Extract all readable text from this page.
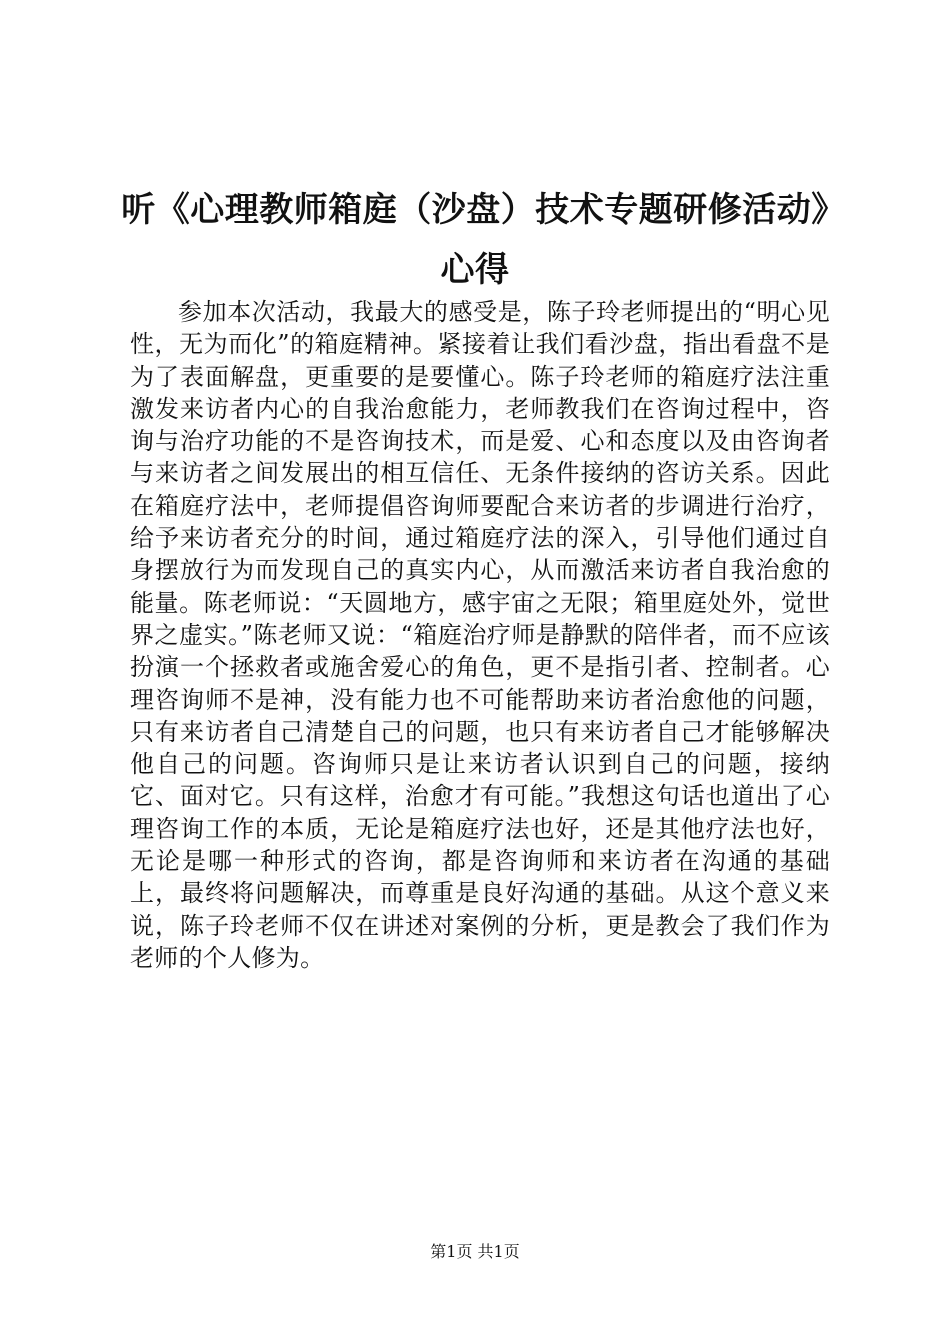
听《心理教师箱庭（沙盘）技术专题研修活动》心得

参加本次活动，我最大的感受是，陈子玲老师提出的“明心见性，无为而化”的箱庭精神。紧接着让我们看沙盘，指出看盘不是为了表面解盘，更重要的是要懂心。陈子玲老师的箱庭疗法注重激发来访者内心的自我治愈能力，老师教我们在咨询过程中，咨询与治疗功能的不是咨询技术，而是爱、心和态度以及由咨询者与来访者之间发展出的相互信任、无条件接纳的咨访关系。因此在箱庭疗法中，老师提倡咨询师要配合来访者的步调进行治疗，给予来访者充分的时间，通过箱庭疗法的深入，引导他们通过自身摆放行为而发现自己的真实内心，从而激活来访者自我治愈的能量。陈老师说：“天圆地方，感宇宙之无限；箱里庭处外，觉世界之虚实。”陈老师又说：“箱庭治疗师是静默的陪伴者，而不应该扮演一个拯救者或施舍爱心的角色，更不是指引者、控制者。心理咨询师不是神，没有能力也不可能帮助来访者治愈他的问题，只有来访者自己清楚自己的问题，也只有来访者自己才能够解决他自己的问题。咨询师只是让来访者认识到自己的问题，接纳它、面对它。只有这样，治愈才有可能。”我想这句话也道出了心理咨询工作的本质，无论是箱庭疗法也好，还是其他疗法也好，无论是哪一种形式的咨询，都是咨询师和来访者在沟通的基础上，最终将问题解决，而尊重是良好沟通的基础。从这个意义来说，陈子玲老师不仅在讲述对案例的分析，更是教会了我们作为老师的个人修为。

第1页 共1页
